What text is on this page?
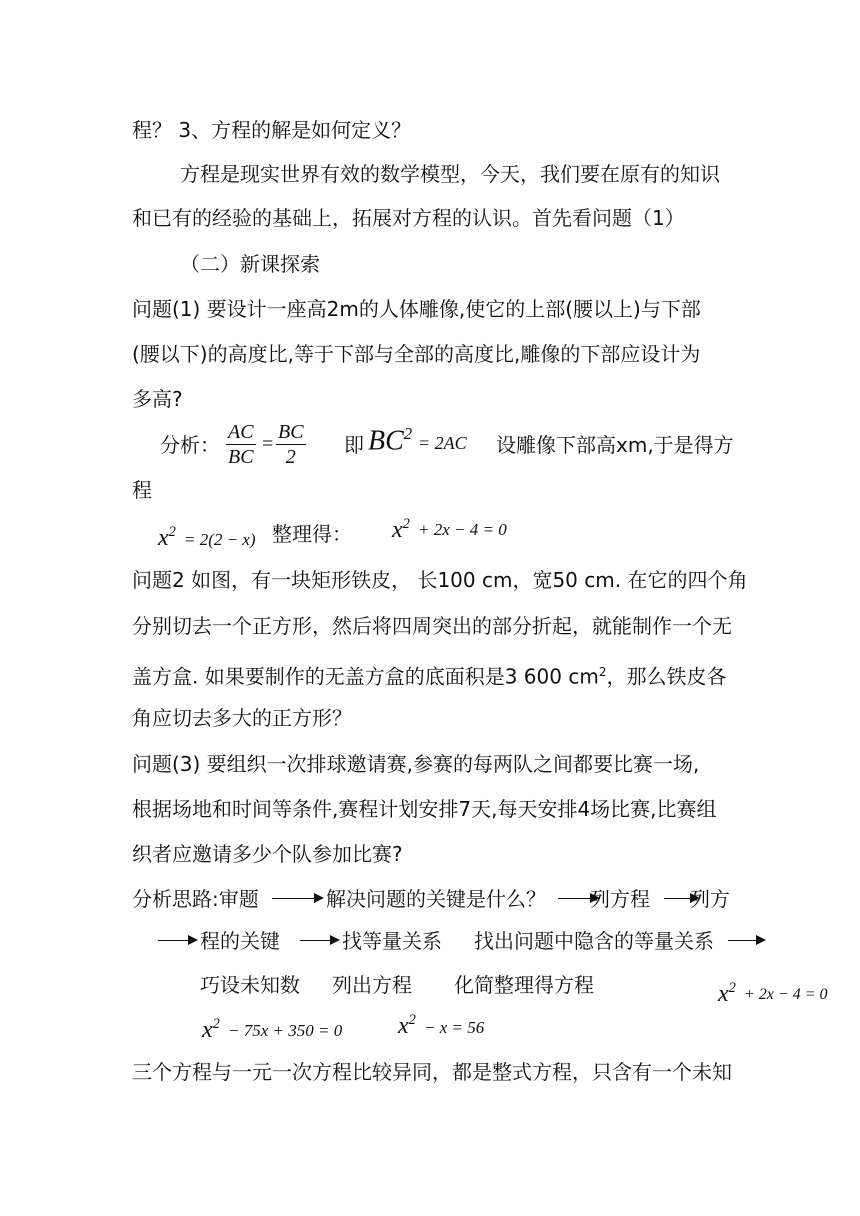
程？ 3、方程的解是如何定义？
方程是现实世界有效的数学模型，今天，我们要在原有的知识
和已有的经验的基础上，拓展对方程的认识。首先看问题（1）
（二）新课探索
问题(1) 要设计一座高2m的人体雕像,使它的上部(腰以上)与下部
(腰以下)的高度比,等于下部与全部的高度比,雕像的下部应设计为
多高?
分析：
AC
BC
=
BC
2	即 $BC^2 = 2AC$ 设雕像下部高xm,于是得方
程
$x^2 = 2(2 - x)$ 整理得： $x^2 + 2x - 4 = 0$
问题2 如图，有一块矩形铁皮， 长100 cm，宽50 cm. 在它的四个角
分别切去一个正方形，然后将四周突出的部分折起，就能制作一个无
盖方盒. 如果要制作的无盖方盒的底面积是3 600 $cm^2$，那么铁皮各
角应切去多大的正方形？
问题(3) 要组织一次排球邀请赛,参赛的每两队之间都要比赛一场,
根据场地和时间等条件,赛程计划安排7天,每天安排4场比赛,比赛组
织者应邀请多少个队参加比赛?
分析思路:审题	解决问题的关键是什么？ 列方程 列方
程的关键	找等量关系 找出问题中隐含的等量关系
巧设未知数 列出方程 化简整理得方程	$x^2 + 2x - 4 = 0$
$x^2 - 75x + 350 = 0$ $x^2 - x = 56$
三个方程与一元一次方程比较异同，都是整式方程，只含有一个未知
